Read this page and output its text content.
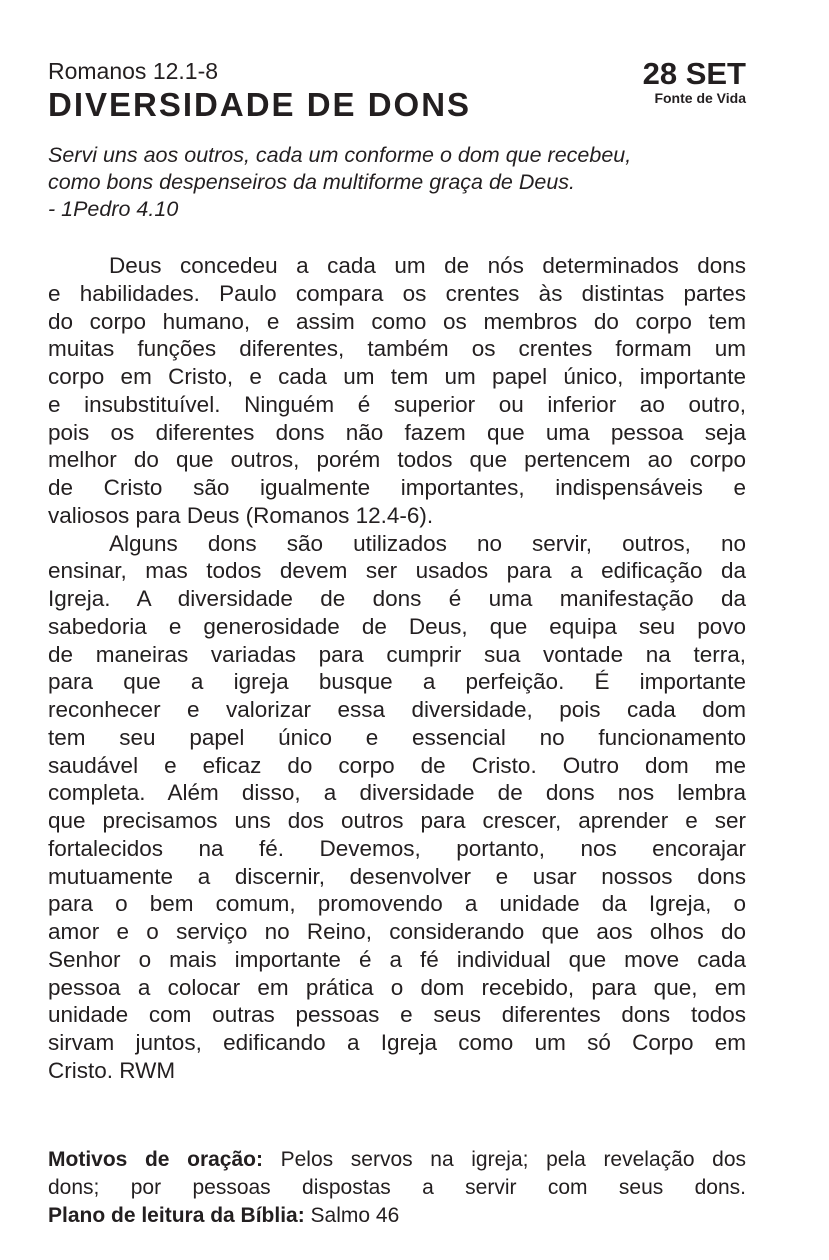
Romanos 12.1-8
DIVERSIDADE DE DONS
28 SET
Fonte de Vida
Servi uns aos outros, cada um conforme o dom que recebeu,
como bons despenseiros da multiforme graça de Deus.
- 1Pedro 4.10
Deus concedeu a cada um de nós determinados dons
e habilidades. Paulo compara os crentes às distintas partes
do corpo humano, e assim como os membros do corpo tem
muitas funções diferentes, também os crentes formam um
corpo em Cristo, e cada um tem um papel único, importante
e insubstituível. Ninguém é superior ou inferior ao outro,
pois os diferentes dons não fazem que uma pessoa seja
melhor do que outros, porém todos que pertencem ao corpo
de Cristo são igualmente importantes, indispensáveis e
valiosos para Deus (Romanos 12.4-6).
Alguns dons são utilizados no servir, outros, no
ensinar, mas todos devem ser usados para a edificação da
Igreja. A diversidade de dons é uma manifestação da
sabedoria e generosidade de Deus, que equipa seu povo
de maneiras variadas para cumprir sua vontade na terra,
para que a igreja busque a perfeição. É importante
reconhecer e valorizar essa diversidade, pois cada dom
tem seu papel único e essencial no funcionamento
saudável e eficaz do corpo de Cristo. Outro dom me
completa. Além disso, a diversidade de dons nos lembra
que precisamos uns dos outros para crescer, aprender e ser
fortalecidos na fé. Devemos, portanto, nos encorajar
mutuamente a discernir, desenvolver e usar nossos dons
para o bem comum, promovendo a unidade da Igreja, o
amor e o serviço no Reino, considerando que aos olhos do
Senhor o mais importante é a fé individual que move cada
pessoa a colocar em prática o dom recebido, para que, em
unidade com outras pessoas e seus diferentes dons todos
sirvam juntos, edificando a Igreja como um só Corpo em
Cristo. RWM
Motivos de oração: Pelos servos na igreja; pela revelação dos
dons; por pessoas dispostas a servir com seus dons.
Plano de leitura da Bíblia: Salmo 46
